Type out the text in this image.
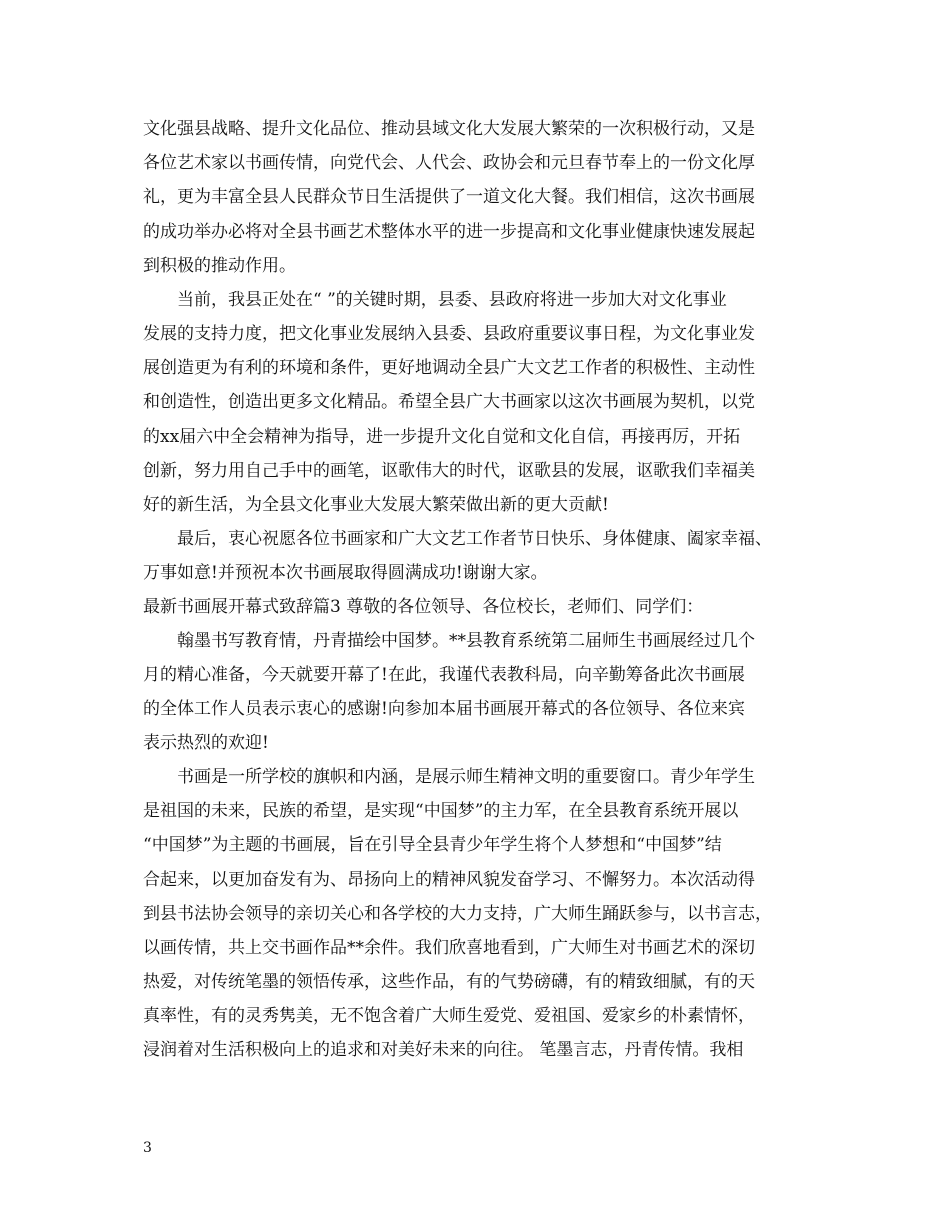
文化强县战略、提升文化品位、推动县域文化大发展大繁荣的一次积极行动，又是
各位艺术家以书画传情，向党代会、人代会、政协会和元旦春节奉上的一份文化厚
礼，更为丰富全县人民群众节日生活提供了一道文化大餐。我们相信，这次书画展
的成功举办必将对全县书画艺术整体水平的进一步提高和文化事业健康快速发展起
到积极的推动作用。
当前，我县正处在“ ”的关键时期，县委、县政府将进一步加大对文化事业
发展的支持力度，把文化事业发展纳入县委、县政府重要议事日程，为文化事业发
展创造更为有利的环境和条件，更好地调动全县广大文艺工作者的积极性、主动性
和创造性，创造出更多文化精品。希望全县广大书画家以这次书画展为契机，以党
的xx届六中全会精神为指导，进一步提升文化自觉和文化自信，再接再厉，开拓
创新，努力用自己手中的画笔，讴歌伟大的时代，讴歌县的发展，讴歌我们幸福美
好的新生活，为全县文化事业大发展大繁荣做出新的更大贡献!
最后，衷心祝愿各位书画家和广大文艺工作者节日快乐、身体健康、阖家幸福、
万事如意!并预祝本次书画展取得圆满成功!谢谢大家。
最新书画展开幕式致辞篇3 尊敬的各位领导、各位校长，老师们、同学们：
翰墨书写教育情，丹青描绘中国梦。**县教育系统第二届师生书画展经过几个
月的精心准备，今天就要开幕了!在此，我谨代表教科局，向辛勤筹备此次书画展
的全体工作人员表示衷心的感谢!向参加本届书画展开幕式的各位领导、各位来宾
表示热烈的欢迎!
书画是一所学校的旗帜和内涵，是展示师生精神文明的重要窗口。青少年学生
是祖国的未来，民族的希望，是实现“中国梦”的主力军，在全县教育系统开展以
“中国梦”为主题的书画展，旨在引导全县青少年学生将个人梦想和“中国梦”结
合起来，以更加奋发有为、昂扬向上的精神风貌发奋学习、不懈努力。本次活动得
到县书法协会领导的亲切关心和各学校的大力支持，广大师生踊跃参与，以书言志，
以画传情，共上交书画作品**余件。我们欣喜地看到，广大师生对书画艺术的深切
热爱，对传统笔墨的领悟传承，这些作品，有的气势磅礴，有的精致细腻，有的天
真率性，有的灵秀隽美，无不饱含着广大师生爱党、爱祖国、爱家乡的朴素情怀，
浸润着对生活积极向上的追求和对美好未来的向往。 笔墨言志，丹青传情。我相
3
